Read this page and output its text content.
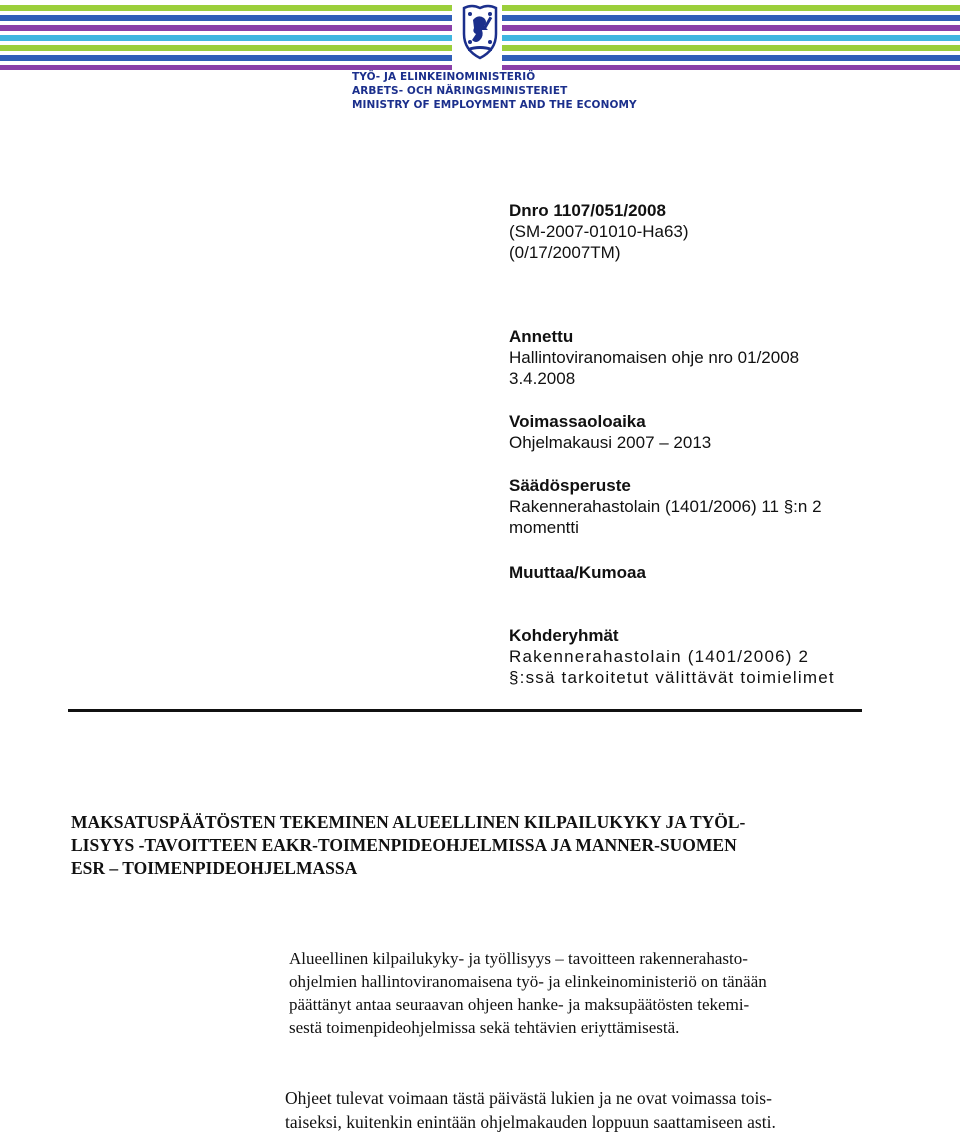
TYÖ- JA ELINKEINOMINISTERIÖ
ARBETS- OCH NÄRINGSMINISTERIET
MINISTRY OF EMPLOYMENT AND THE ECONOMY
Dnro 1107/051/2008
(SM-2007-01010-Ha63)
(0/17/2007TM)
Annettu
Hallintoviranomaisen ohje nro 01/2008
3.4.2008
Voimassaoloaika
Ohjelmakausi 2007 – 2013
Säädösperuste
Rakennerahastolain (1401/2006) 11 §:n 2
momentti
Muuttaa/Kumoaa
Kohderyhmät
Rakennerahastolain (1401/2006) 2
§:ssä tarkoitetut välittävät toimielimet
MAKSATUSPÄÄTÖSTEN TEKEMINEN ALUEELLINEN KILPAILUKYKY JA TYÖL-
LISYYS -TAVOITTEEN EAKR-TOIMENPIDEOHJELMISSA JA MANNER-SUOMEN
ESR – TOIMENPIDEOHJELMASSA
Alueellinen kilpailukyky- ja työllisyys – tavoitteen rakennerahasto-
ohjelmien hallintoviranomaisena työ- ja elinkeinoministeriö on tänään
päättänyt antaa seuraavan ohjeen hanke- ja maksupäätösten tekemi-
sestä toimenpideohjelmissa sekä tehtävien eriyttämisestä.
Ohjeet tulevat voimaan tästä päivästä lukien ja ne ovat voimassa tois-
taiseksi, kuitenkin enintään ohjelmakauden loppuun saattamiseen asti.
